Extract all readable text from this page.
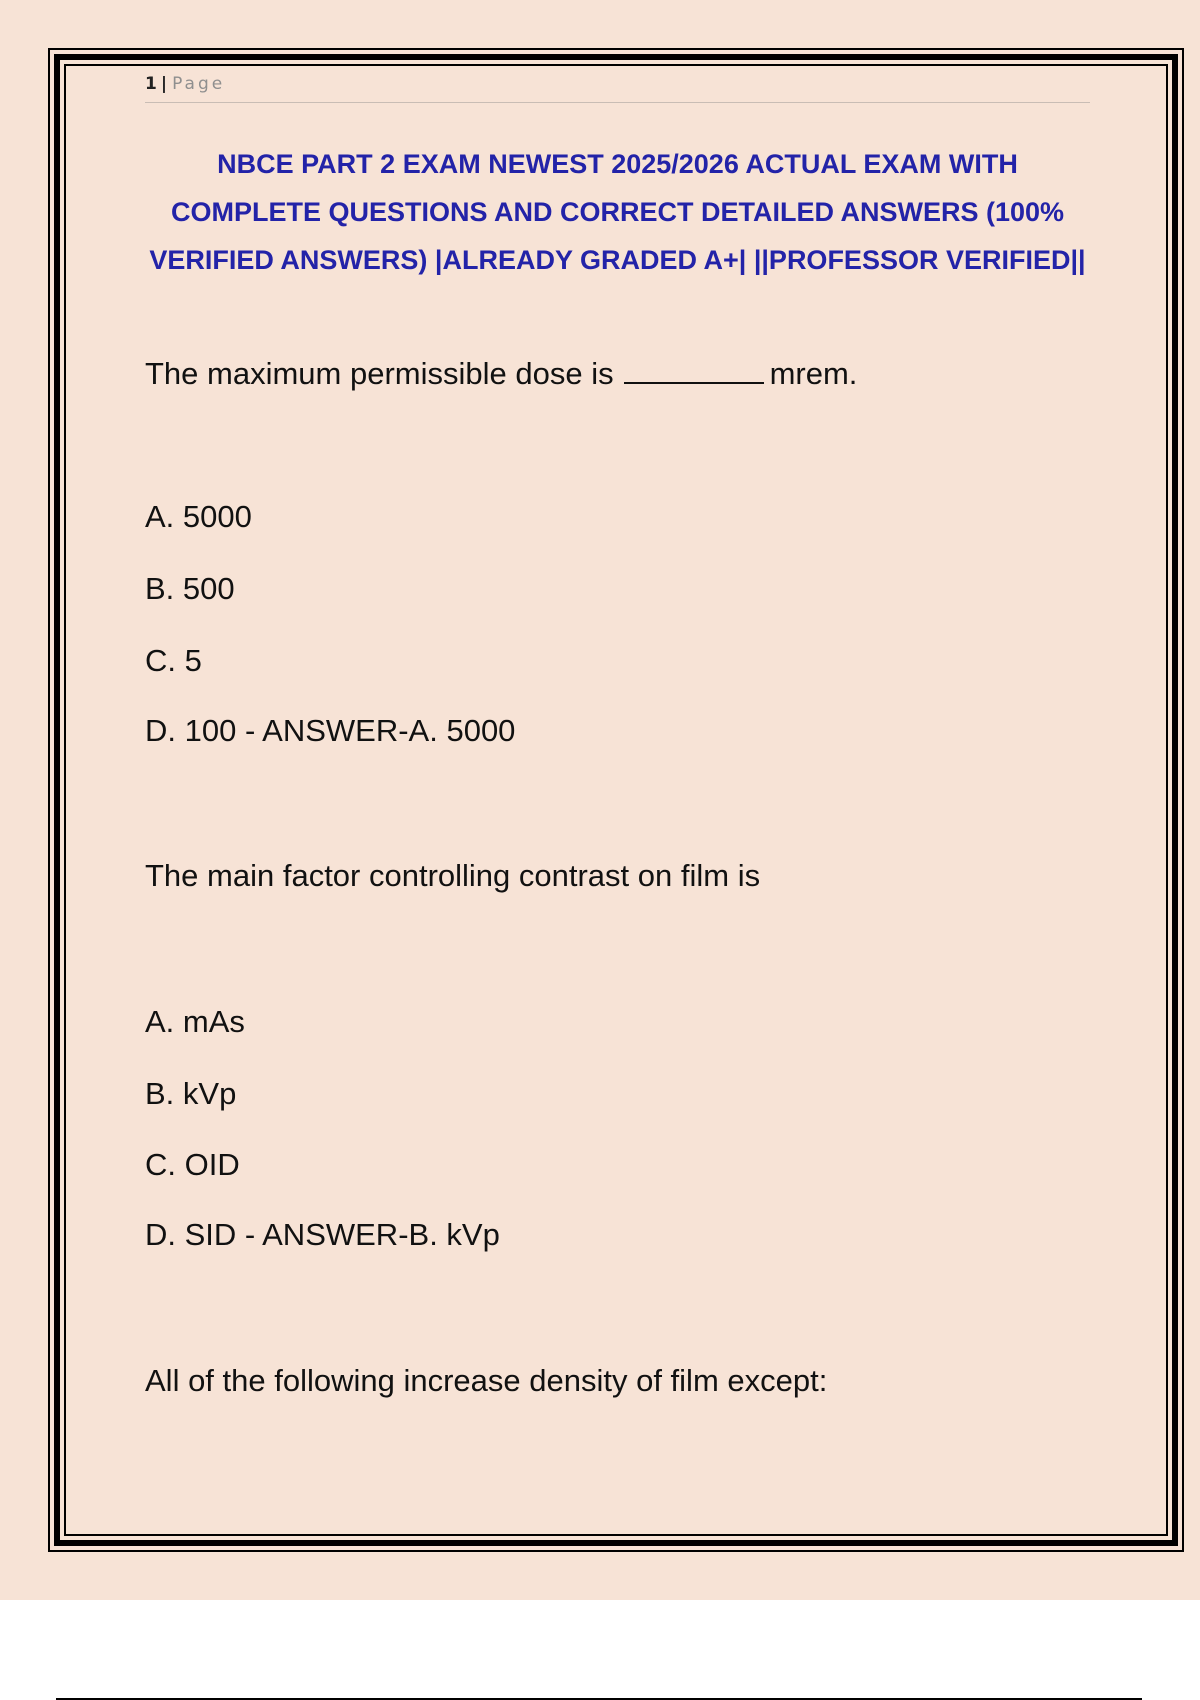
1 | Page
NBCE PART 2 EXAM NEWEST 2025/2026 ACTUAL EXAM WITH COMPLETE QUESTIONS AND CORRECT DETAILED ANSWERS (100% VERIFIED ANSWERS) |ALREADY GRADED A+| ||PROFESSOR VERIFIED||
The maximum permissible dose is	mrem.
A. 5000
B. 500
C. 5
D. 100 - ANSWER-A. 5000
The main factor controlling contrast on film is
A. mAs
B. kVp
C. OID
D. SID - ANSWER-B. kVp
All of the following increase density of film except:
